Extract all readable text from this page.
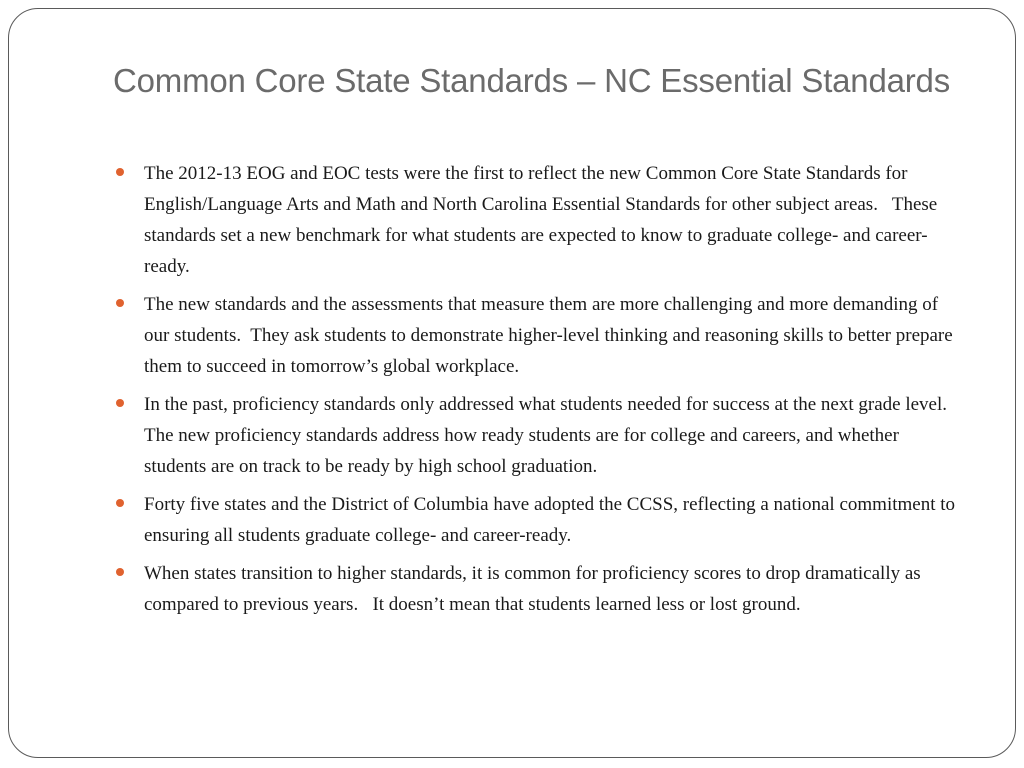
Common Core State Standards – NC Essential Standards
The 2012-13 EOG and EOC tests were the first to reflect the new Common Core State Standards for English/Language Arts and Math and North Carolina Essential Standards for other subject areas.   These standards set a new benchmark for what students are expected to know to graduate college- and career-ready.
The new standards and the assessments that measure them are more challenging and more demanding of our students.  They ask students to demonstrate higher-level thinking and reasoning skills to better prepare them to succeed in tomorrow’s global workplace.
In the past, proficiency standards only addressed what students needed for success at the next grade level. The new proficiency standards address how ready students are for college and careers, and whether students are on track to be ready by high school graduation.
Forty five states and the District of Columbia have adopted the CCSS, reflecting a national commitment to ensuring all students graduate college- and career-ready.
When states transition to higher standards, it is common for proficiency scores to drop dramatically as compared to previous years.   It doesn’t mean that students learned less or lost ground.
